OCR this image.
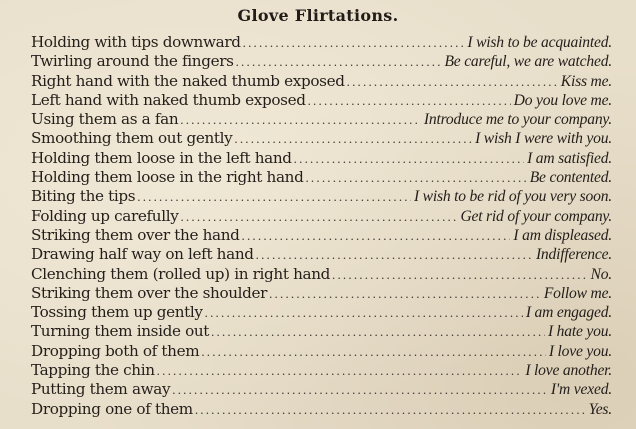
Glove Flirtations.
Holding with tips downward .....	I wish to be acquainted.
Twirling around the fingers .....	Be careful, we are watched.
Right hand with the naked thumb exposed .....	Kiss me.
Left hand with naked thumb exposed .....	Do you love me.
Using them as a fan .....	Introduce me to your company.
Smoothing them out gently .....	I wish I were with you.
Holding them loose in the left hand .....	I am satisfied.
Holding them loose in the right hand .....	Be contented.
Biting the tips .....	I wish to be rid of you very soon.
Folding up carefully .....	Get rid of your company.
Striking them over the hand .....	I am displeased.
Drawing half way on left hand .....	Indifference.
Clenching them (rolled up) in right hand .....	No.
Striking them over the shoulder .....	Follow me.
Tossing them up gently .....	I am engaged.
Turning them inside out .....	I hate you.
Dropping both of them .....	I love you.
Tapping the chin .....	I love another.
Putting them away .....	I'm vexed.
Dropping one of them .....	Yes.
